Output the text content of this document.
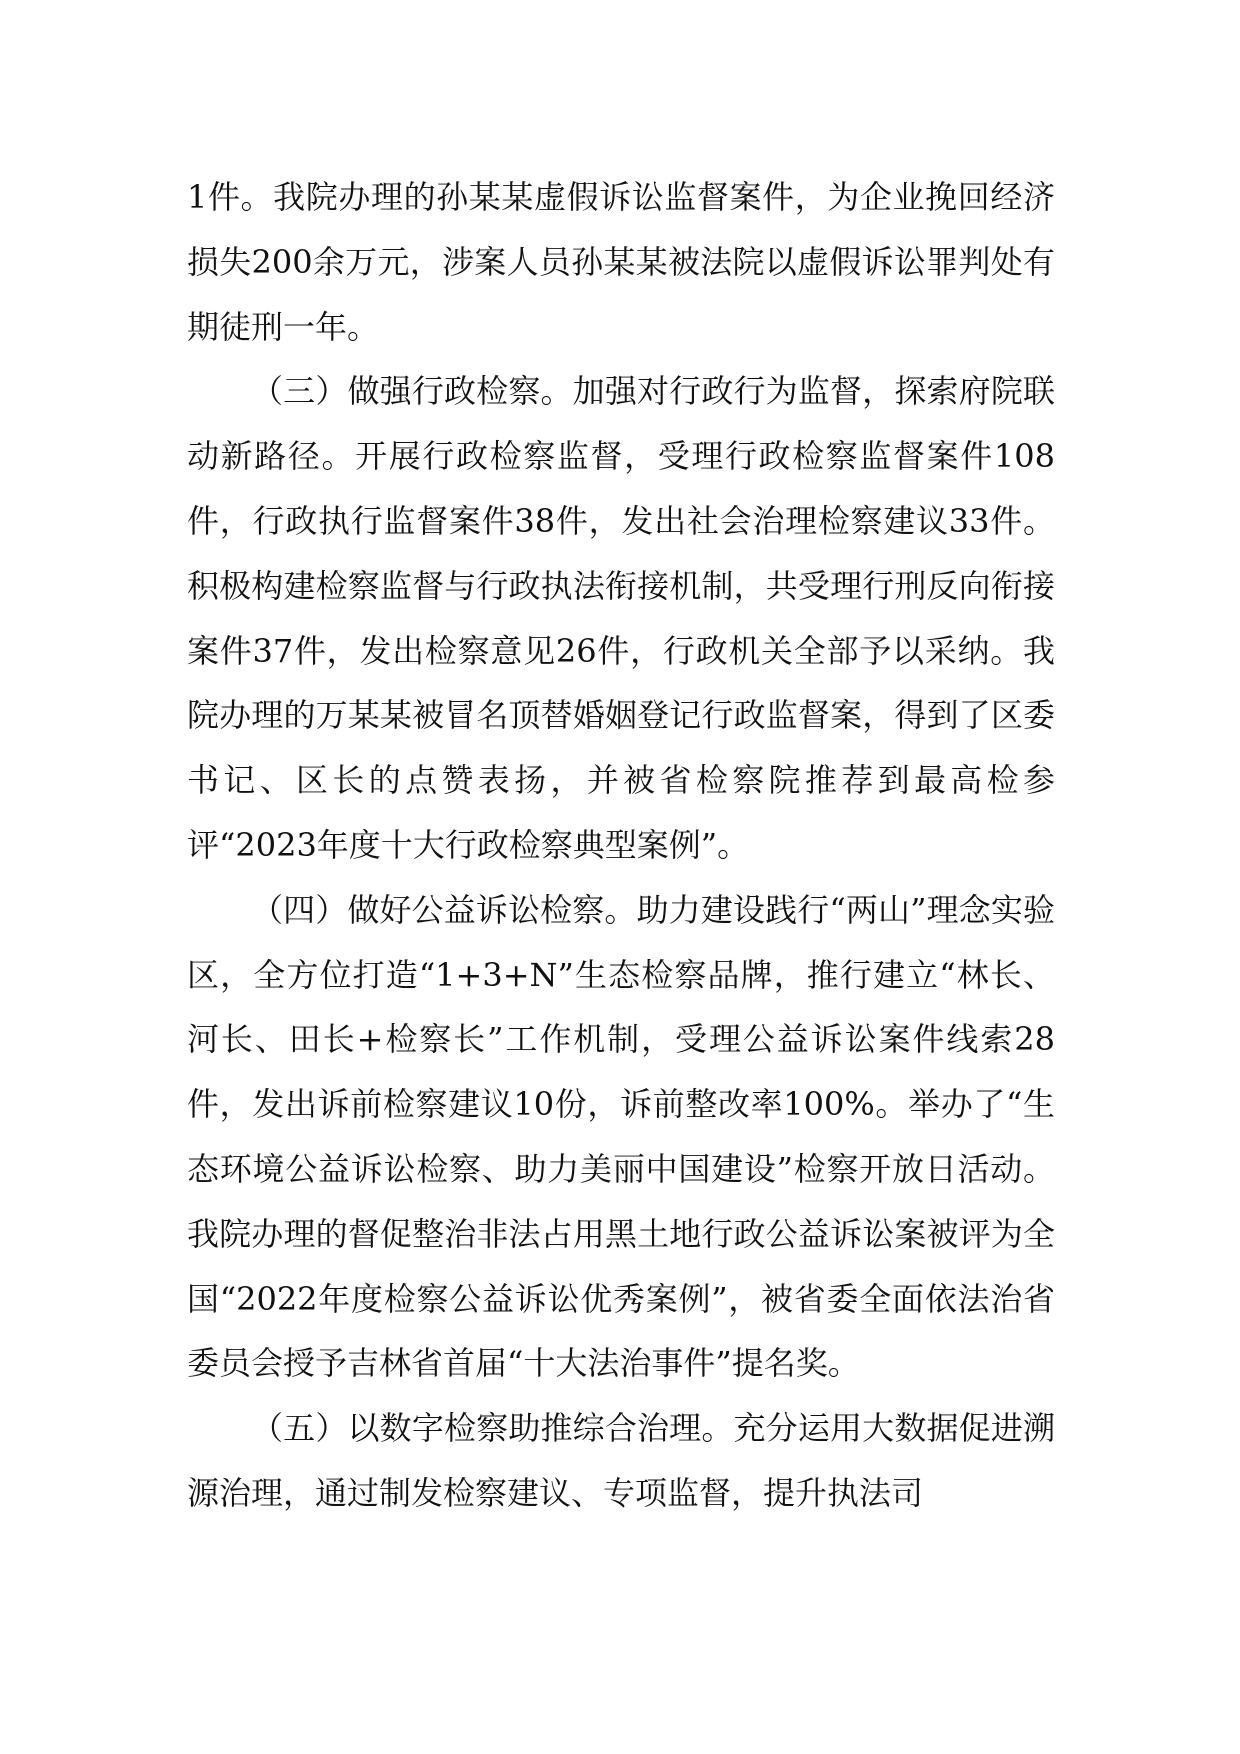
1件。我院办理的孙某某虚假诉讼监督案件，为企业挽回经济损失200余万元，涉案人员孙某某被法院以虚假诉讼罪判处有期徒刑一年。

（三）做强行政检察。加强对行政行为监督，探索府院联动新路径。开展行政检察监督，受理行政检察监督案件108件，行政执行监督案件38件，发出社会治理检察建议33件。积极构建检察监督与行政执法衔接机制，共受理行刑反向衔接案件37件，发出检察意见26件，行政机关全部予以采纳。我院办理的万某某被冒名顶替婚姻登记行政监督案，得到了区委书记、区长的点赞表扬，并被省检察院推荐到最高检参评“2023年度十大行政检察典型案例”。

（四）做好公益诉讼检察。助力建设践行“两山”理念实验区，全方位打造“1+3+N”生态检察品牌，推行建立“林长、河长、田长+检察长”工作机制，受理公益诉讼案件线索28件，发出诉前检察建议10份，诉前整改率100%。举办了“生态环境公益诉讼检察、助力美丽中国建设”检察开放日活动。我院办理的督促整治非法占用黑土地行政公益诉讼案被评为全国“2022年度检察公益诉讼优秀案例”，被省委全面依法治省委员会授予吉林省首届“十大法治事件”提名奖。

（五）以数字检察助推综合治理。充分运用大数据促进溯源治理，通过制发检察建议、专项监督，提升执法司
